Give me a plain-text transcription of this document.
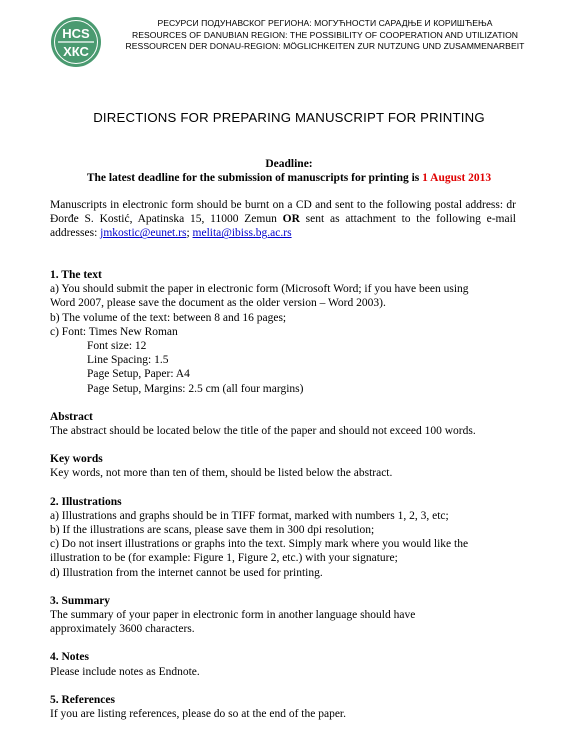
HCS
ХКС
РЕСУРСИ ПОДУНАВСКОГ РЕГИОНА: МОГУЋНОСТИ САРАДЊЕ И КОРИШЋЕЊА
RESOURCES OF DANUBIAN REGION: THE POSSIBILITY OF COOPERATION AND UTILIZATION
RESSOURCEN DER DONAU-REGION: MÖGLICHKEITEN ZUR NUTZUNG UND ZUSAMMENARBEIT
DIRECTIONS FOR PREPARING MANUSCRIPT FOR PRINTING
Deadline:
The latest deadline for the submission of manuscripts for printing is 1 August 2013
Manuscripts in electronic form should be burnt on a CD and sent to the following postal address: dr Đorđe S. Kostić, Apatinska 15, 11000 Zemun OR sent as attachment to the following e-mail addresses: jmkostic@eunet.rs; melita@ibiss.bg.ac.rs
1. The text
a) You should submit the paper in electronic form (Microsoft Word; if you have been using
Word 2007, please save the document as the older version – Word 2003).
b) The volume of the text: between 8 and 16 pages;
c) Font: Times New Roman
Font size: 12
Line Spacing: 1.5
Page Setup, Paper: A4
Page Setup, Margins: 2.5 cm (all four margins)
Abstract
The abstract should be located below the title of the paper and should not exceed 100 words.
Key words
Key words, not more than ten of them, should be listed below the abstract.
2. Illustrations
a) Illustrations and graphs should be in TIFF format, marked with numbers 1, 2, 3, etc;
b) If the illustrations are scans, please save them in 300 dpi resolution;
c) Do not insert illustrations or graphs into the text. Simply mark where you would like the
illustration to be (for example: Figure 1, Figure 2, etc.) with your signature;
d) Illustration from the internet cannot be used for printing.
3. Summary
The summary of your paper in electronic form in another language should have
approximately 3600 characters.
4. Notes
Please include notes as Endnote.
5. References
If you are listing references, please do so at the end of the paper.
